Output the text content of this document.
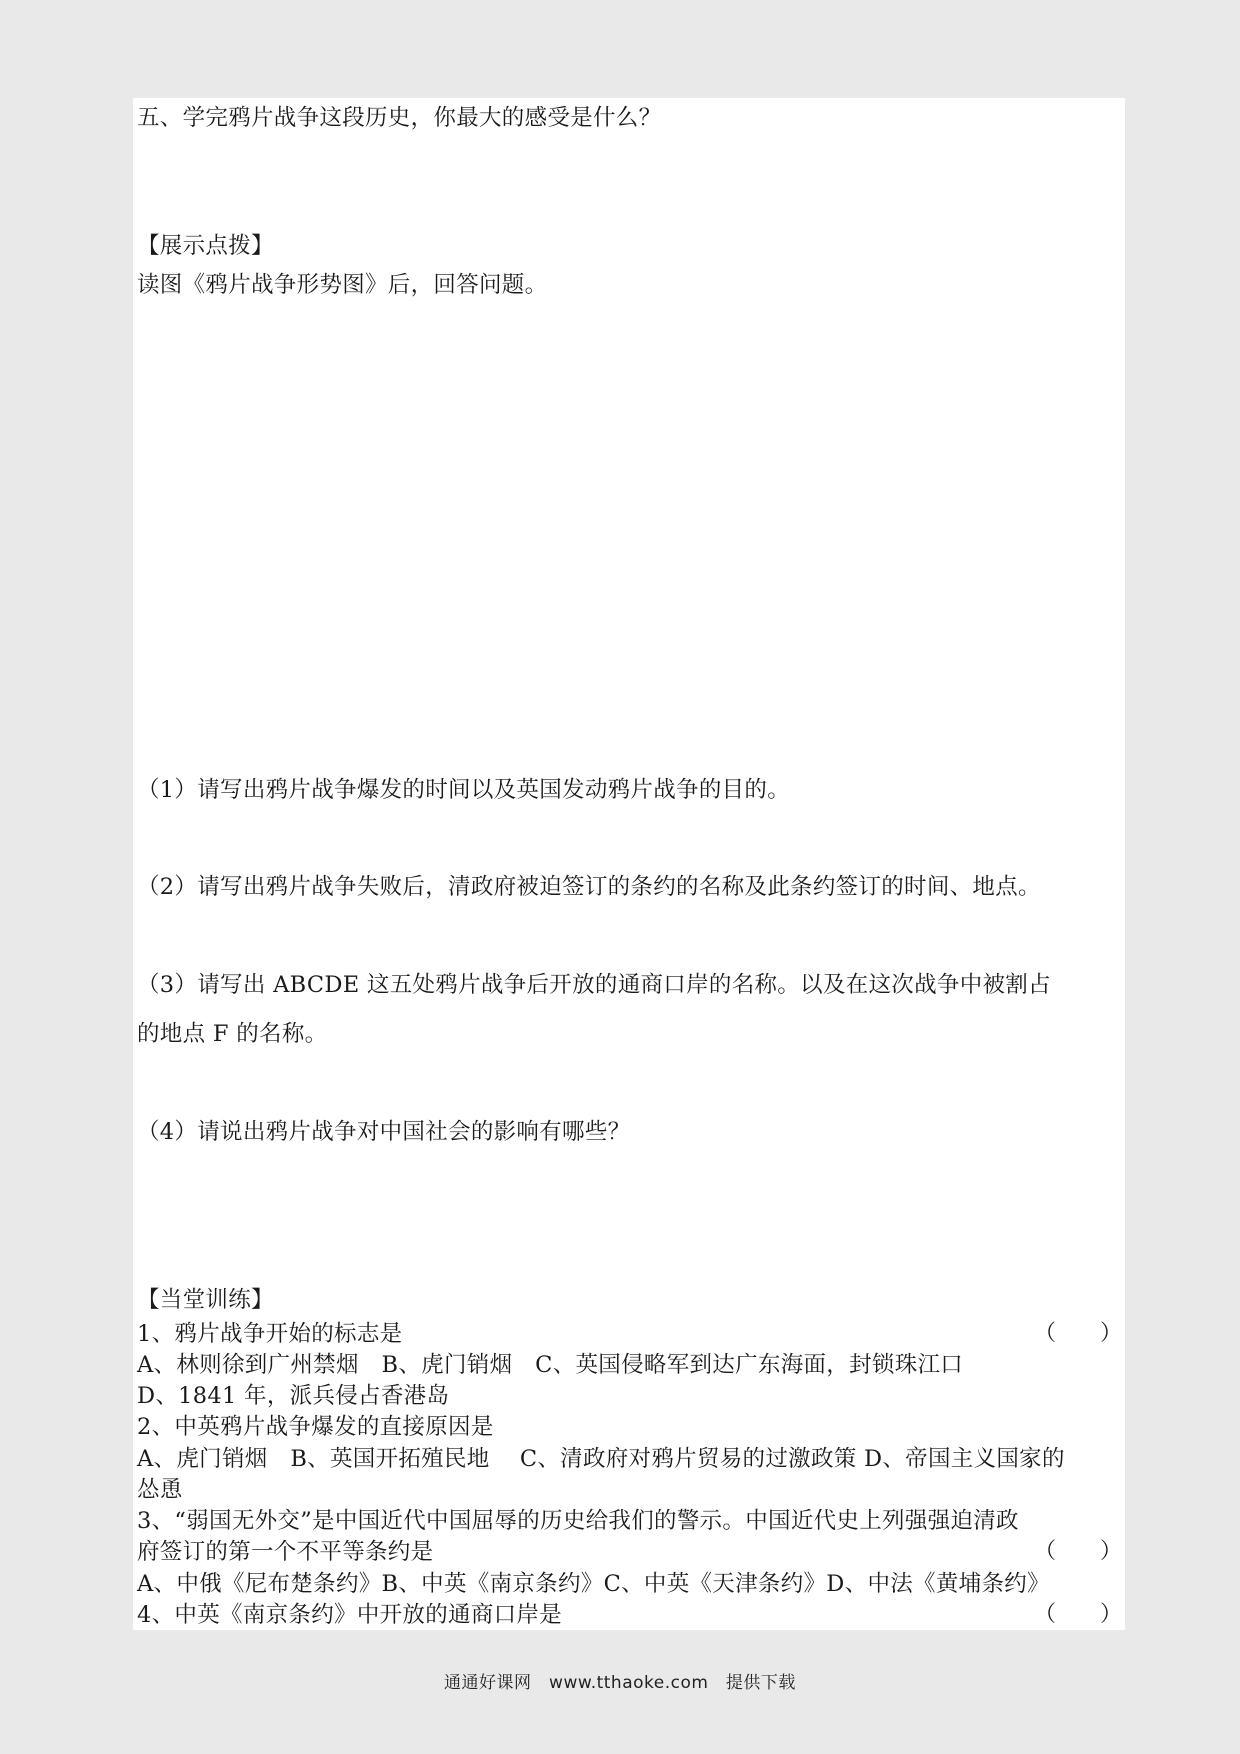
五、学完鸦片战争这段历史，你最大的感受是什么？
【展示点拨】
读图《鸦片战争形势图》后，回答问题。
（1）请写出鸦片战争爆发的时间以及英国发动鸦片战争的目的。
（2）请写出鸦片战争失败后，清政府被迫签订的条约的名称及此条约签订的时间、地点。
（3）请写出 ABCDE 这五处鸦片战争后开放的通商口岸的名称。以及在这次战争中被割占
的地点 F 的名称。
（4）请说出鸦片战争对中国社会的影响有哪些？
【当堂训练】
1、鸦片战争开始的标志是	（　　）
A、林则徐到广州禁烟　B、虎门销烟　C、英国侵略军到达广东海面，封锁珠江口
D、1841 年，派兵侵占香港岛
2、中英鸦片战争爆发的直接原因是
A、虎门销烟　B、英国开拓殖民地　 C、清政府对鸦片贸易的过激政策 D、帝国主义国家的
怂恿
3、“弱国无外交”是中国近代中国屈辱的历史给我们的警示。中国近代史上列强强迫清政
府签订的第一个不平等条约是	（　　）
A、中俄《尼布楚条约》B、中英《南京条约》C、中英《天津条约》D、中法《黄埔条约》
4、中英《南京条约》中开放的通商口岸是	（　　）
通通好课网　www.tthaoke.com　提供下载
